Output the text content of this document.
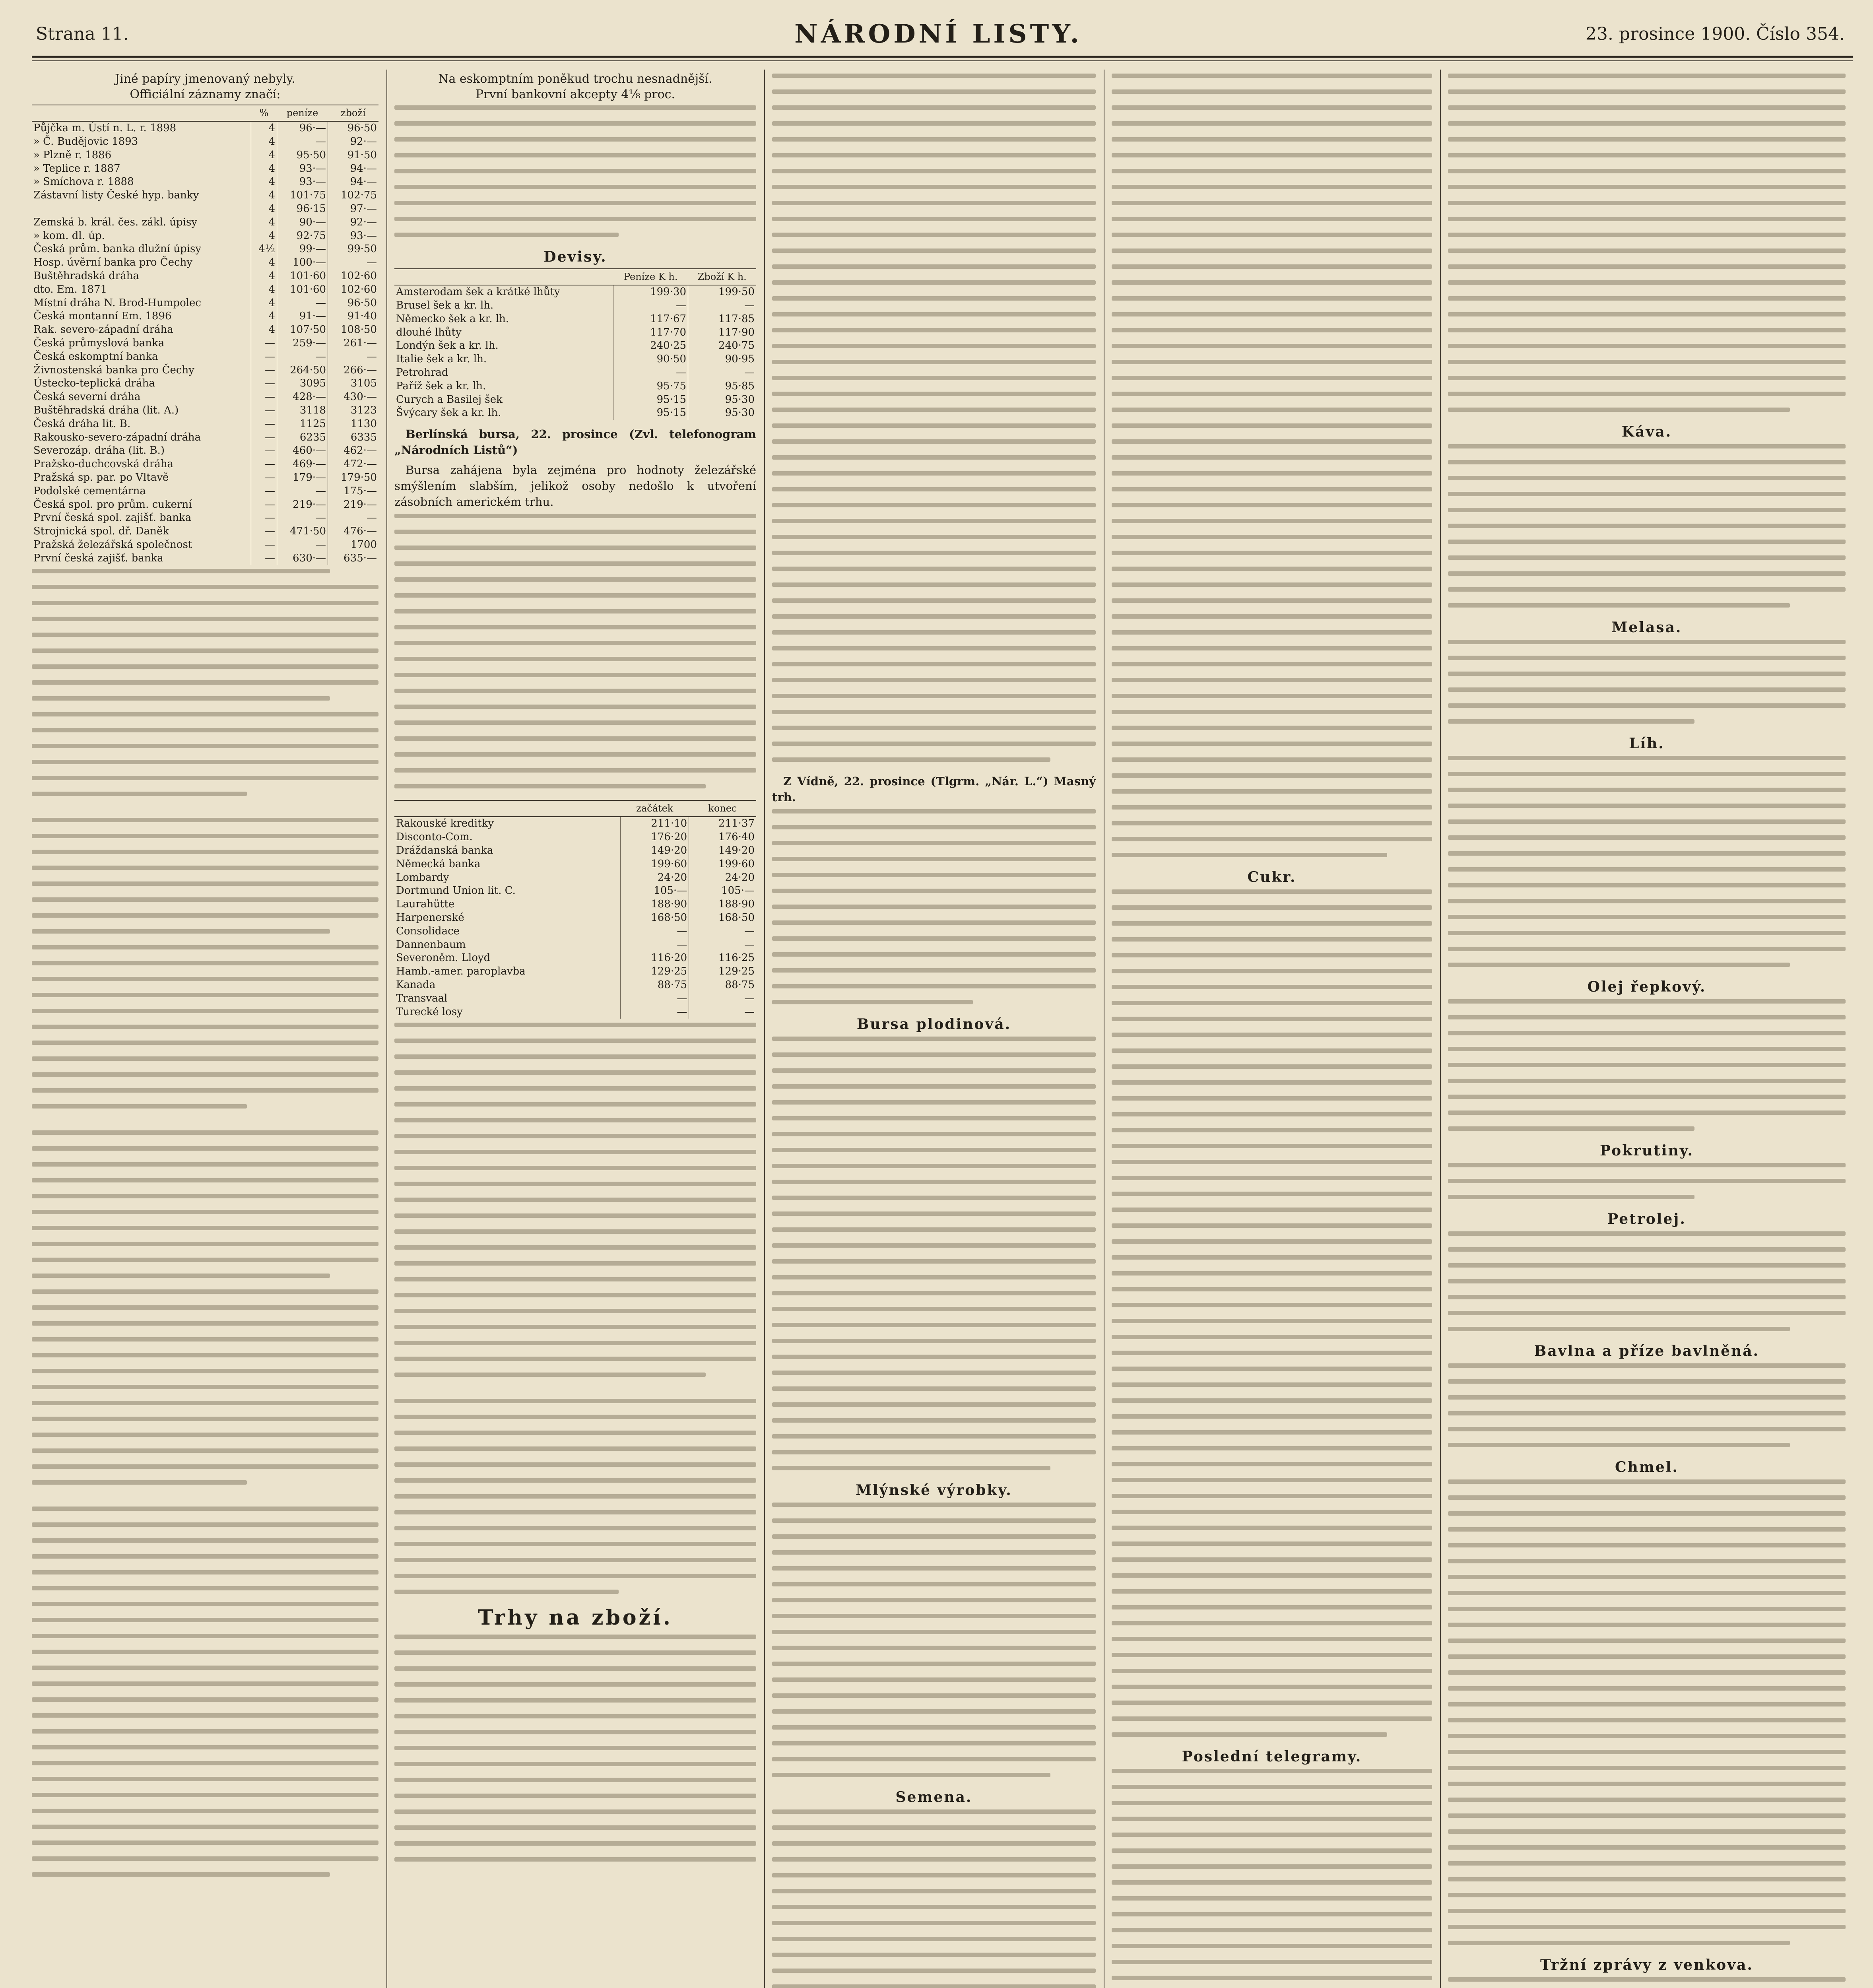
Strana 11.	NÁRODNÍ LISTY.	23. prosince 1900. Číslo 354.
Jiné papíry jmenovaný nebyly.
Officiální záznamy značí:
	%	peníze	zboží
Půjčka m. Ústí n. L. r. 1898	4	96·—	96·50
» Č. Budějovic 1893	4	—	92·—
» Plzně r. 1886	4	95·50	91·50
» Teplice r. 1887	4	93·—	94·—
» Smíchova r. 1888	4	93·—	94·—
Zástavní listy České hyp. banky	4	101·75	102·75
	4	96·15	97·—
Zemská b. král. čes. zákl. úpisy	4	90·—	92·—
» kom. dl. úp.	4	92·75	93·—
Česká prům. banka dlužní úpisy	4½	99·—	99·50
Hosp. úvěrní banka pro Čechy	4	100·—	—
Buštěhradská dráha	4	101·60	102·60
dto. Em. 1871	4	101·60	102·60
Místní dráha N. Brod-Humpolec	4	—	96·50
Česká montanní Em. 1896	4	91·—	91·40
Rak. severo-západní dráha	4	107·50	108·50
Česká průmyslová banka	—	259·—	261·—
Česká eskomptní banka	—	—	—
Živnostenská banka pro Čechy	—	264·50	266·—
Ústecko-teplická dráha	—	3095	3105
Česká severní dráha	—	428·—	430·—
Buštěhradská dráha (lit. A.)	—	3118	3123
Česká dráha lit. B.	—	1125	1130
Rakousko-severo-západní dráha	—	6235	6335
Severozáp. dráha (lit. B.)	—	460·—	462·—
Pražsko-duchcovská dráha	—	469·—	472·—
Pražská sp. par. po Vltavě	—	179·—	179·50
Podolské cementárna	—	—	175·—
Česká spol. pro prům. cukerní	—	219·—	219·—
První česká spol. zajišť. banka	—	—	—
Strojnická spol. dř. Daněk	—	471·50	476·—
Pražská železářská společnost	—	—	1700
První česká zajišť. banka	—	630·—	635·—
Na eskomptním poněkud trochu nesnadnější.
První bankovní akcepty 4⅛ proc.
Devisy.
	Peníze K h.	Zboží K h.
Amsterodam šek a krátké lhůty	199·30	199·50
Brusel šek a kr. lh.	—	—
Německo šek a kr. lh.	117·67	117·85
dlouhé lhůty	117·70	117·90
Londýn šek a kr. lh.	240·25	240·75
Italie šek a kr. lh.	90·50	90·95
Petrohrad	—	—
Paříž šek a kr. lh.	95·75	95·85
Curych a Basilej šek	95·15	95·30
Švýcary šek a kr. lh.	95·15	95·30
Berlínská bursa, 22. prosince (Zvl. telefonogram „Národních Listů“)
Bursa zahájena byla zejména pro hodnoty železářské smýšlením slabším, jelikož osoby nedošlo k utvoření zásobních americkém trhu.
	začátek	konec
Rakouské kreditky	211·10	211·37
Disconto-Com.	176·20	176·40
Dráždanská banka	149·20	149·20
Německá banka	199·60	199·60
Lombardy	24·20	24·20
Dortmund Union lit. C.	105·—	105·—
Laurahütte	188·90	188·90
Harpenerské	168·50	168·50
Consolidace	—	—
Dannenbaum	—	—
Severoněm. Lloyd	116·20	116·25
Hamb.-amer. paroplavba	129·25	129·25
Kanada	88·75	88·75
Transvaal	—	—
Turecké losy	—	—
Trhy na zboží.
Z Vídně, 22. prosince (Tlgrm. „Nár. L.“) Masný trh.
Bursa plodinová.
Mlýnské výrobky.
Semena.
Cukr.
Poslední telegramy.
Káva.
Melasa.
Líh.
Olej řepkový.
Pokrutiny.
Petrolej.
Bavlna a příze bavlněná.
Chmel.
Tržní zprávy z venkova.
